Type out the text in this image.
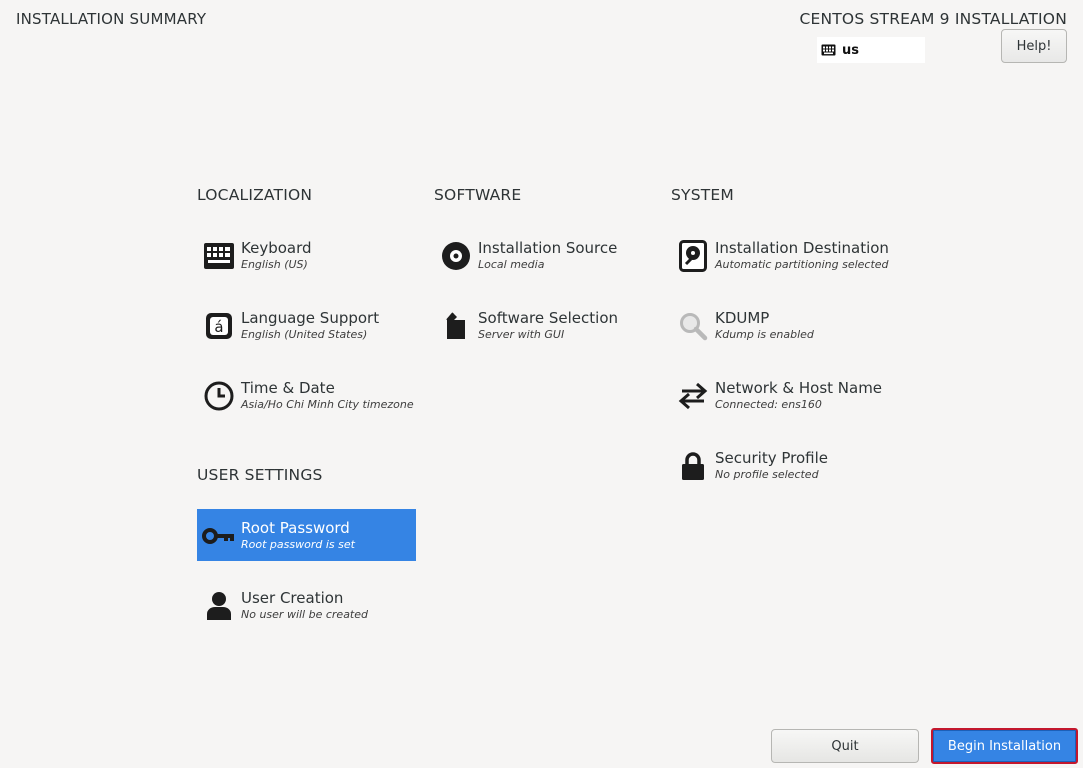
INSTALLATION SUMMARY	CENTOS STREAM 9 INSTALLATION
us	Help!
LOCALIZATION
Keyboard
English (US)
á Language Support
English (United States)
Time & Date
Asia/Ho Chi Minh City timezone
SOFTWARE
Installation Source
Local media
Software Selection
Server with GUI
SYSTEM
Installation Destination
Automatic partitioning selected
KDUMP
Kdump is enabled
Network & Host Name
Connected: ens160
Security Profile
No profile selected
USER SETTINGS
Root Password
Root password is set
User Creation
No user will be created
Quit	Begin Installation
